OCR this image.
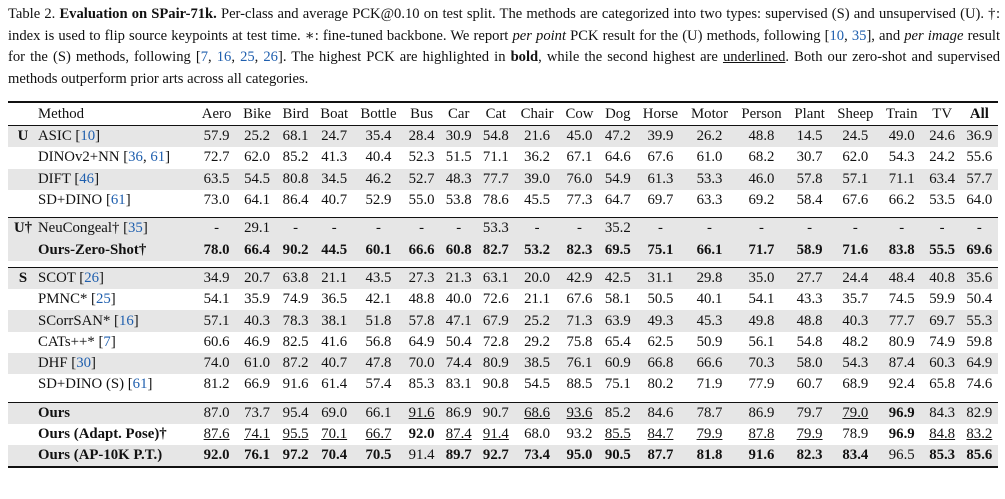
Table 2. Evaluation on SPair-71k. Per-class and average PCK@0.10 on test split. The methods are categorized into two types: supervised (S) and unsupervised (U). †: index is used to flip source keypoints at test time. ∗: fine-tuned backbone. We report per point PCK result for the (U) methods, following [10, 35], and per image result for the (S) methods, following [7, 16, 25, 26]. The highest PCK are highlighted in bold, while the second highest are underlined. Both our zero-shot and supervised methods outperform prior arts across all categories.
	Method	Aero	Bike	Bird	Boat	Bottle	Bus	Car	Cat	Chair	Cow	Dog	Horse	Motor	Person	Plant	Sheep	Train	TV	All
U	ASIC [10]	57.9	25.2	68.1	24.7	35.4	28.4	30.9	54.8	21.6	45.0	47.2	39.9	26.2	48.8	14.5	24.5	49.0	24.6	36.9
	DINOv2+NN [36, 61]	72.7	62.0	85.2	41.3	40.4	52.3	51.5	71.1	36.2	67.1	64.6	67.6	61.0	68.2	30.7	62.0	54.3	24.2	55.6
	DIFT [46]	63.5	54.5	80.8	34.5	46.2	52.7	48.3	77.7	39.0	76.0	54.9	61.3	53.3	46.0	57.8	57.1	71.1	63.4	57.7
	SD+DINO [61]	73.0	64.1	86.4	40.7	52.9	55.0	53.8	78.6	45.5	77.3	64.7	69.7	63.3	69.2	58.4	67.6	66.2	53.5	64.0

U†	NeuCongeal† [35]	-	29.1	-	-	-	-	-	53.3	-	-	35.2	-	-	-	-	-	-	-	-
	Ours-Zero-Shot†	78.0	66.4	90.2	44.5	60.1	66.6	60.8	82.7	53.2	82.3	69.5	75.1	66.1	71.7	58.9	71.6	83.8	55.5	69.6

S	SCOT [26]	34.9	20.7	63.8	21.1	43.5	27.3	21.3	63.1	20.0	42.9	42.5	31.1	29.8	35.0	27.7	24.4	48.4	40.8	35.6
	PMNC* [25]	54.1	35.9	74.9	36.5	42.1	48.8	40.0	72.6	21.1	67.6	58.1	50.5	40.1	54.1	43.3	35.7	74.5	59.9	50.4
	SCorrSAN* [16]	57.1	40.3	78.3	38.1	51.8	57.8	47.1	67.9	25.2	71.3	63.9	49.3	45.3	49.8	48.8	40.3	77.7	69.7	55.3
	CATs++* [7]	60.6	46.9	82.5	41.6	56.8	64.9	50.4	72.8	29.2	75.8	65.4	62.5	50.9	56.1	54.8	48.2	80.9	74.9	59.8
	DHF [30]	74.0	61.0	87.2	40.7	47.8	70.0	74.4	80.9	38.5	76.1	60.9	66.8	66.6	70.3	58.0	54.3	87.4	60.3	64.9
	SD+DINO (S) [61]	81.2	66.9	91.6	61.4	57.4	85.3	83.1	90.8	54.5	88.5	75.1	80.2	71.9	77.9	60.7	68.9	92.4	65.8	74.6

	Ours	87.0	73.7	95.4	69.0	66.1	91.6	86.9	90.7	68.6	93.6	85.2	84.6	78.7	86.9	79.7	79.0	96.9	84.3	82.9
	Ours (Adapt. Pose)†	87.6	74.1	95.5	70.1	66.7	92.0	87.4	91.4	68.0	93.2	85.5	84.7	79.9	87.8	79.9	78.9	96.9	84.8	83.2
	Ours (AP-10K P.T.)	92.0	76.1	97.2	70.4	70.5	91.4	89.7	92.7	73.4	95.0	90.5	87.7	81.8	91.6	82.3	83.4	96.5	85.3	85.6
